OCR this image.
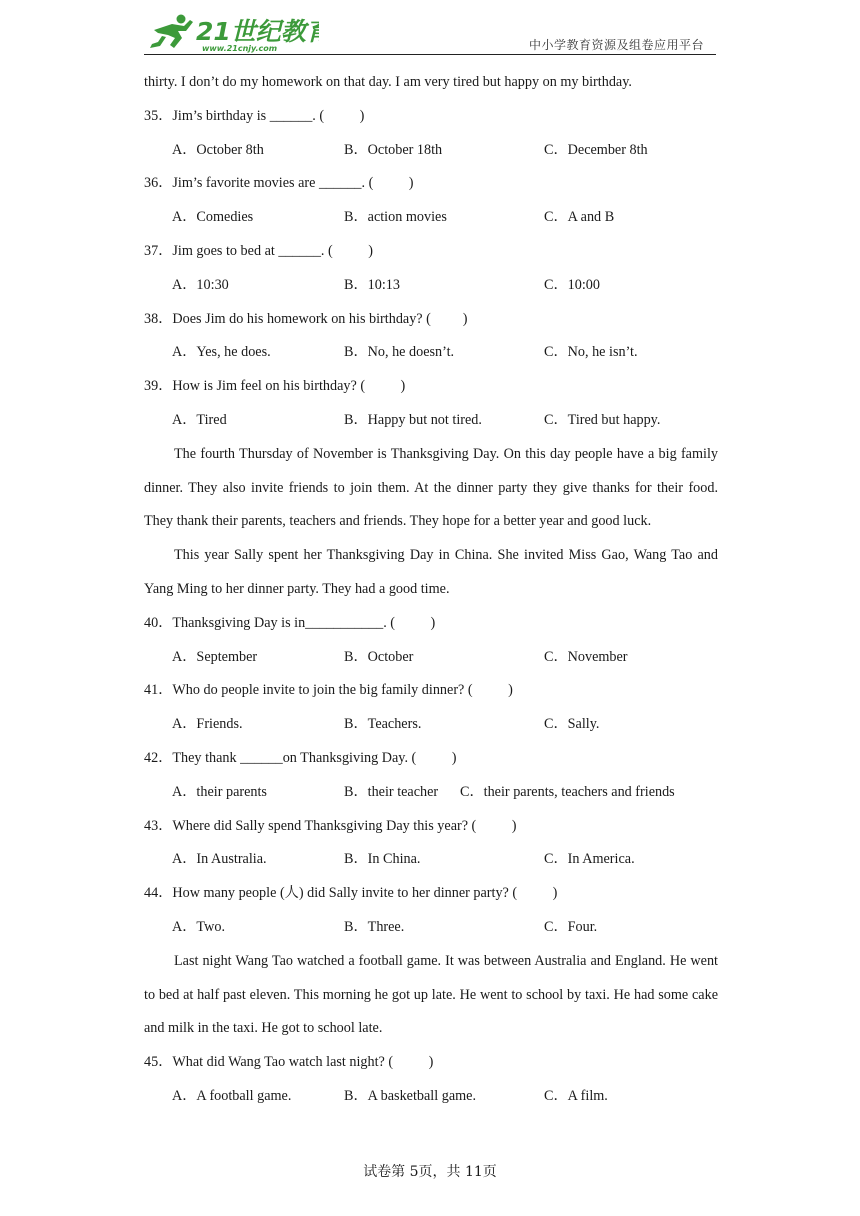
21世纪教育
www.21cnjy.com	中小学教育资源及组卷应用平台
thirty. I don’t do my homework on that day. I am very tired but happy on my birthday.
35．Jim’s birthday is ______. (          )
A．October 8th	B．October 18th	C．December 8th
36．Jim’s favorite movies are ______. (          )
A．Comedies	B．action movies	C．A and B
37．Jim goes to bed at ______. (          )
A．10:30	B．10:13	C．10:00
38．Does Jim do his homework on his birthday? (         )
A．Yes, he does.	B．No, he doesn’t.	C．No, he isn’t.
39．How is Jim feel on his birthday? (          )
A．Tired	B．Happy but not tired.	C．Tired but happy.

The fourth Thursday of November is Thanksgiving Day. On this day people have a big family dinner. They also invite friends to join them. At the dinner party they give thanks for their food. They thank their parents, teachers and friends. They hope for a better year and good luck.

This year Sally spent her Thanksgiving Day in China. She invited Miss Gao, Wang Tao and Yang Ming to her dinner party. They had a good time.

40．Thanksgiving Day is in___________. (          )
A．September	B．October	C．November
41．Who do people invite to join the big family dinner? (          )
A．Friends.	B．Teachers.	C．Sally.
42．They thank ______on Thanksgiving Day. (          )
A．their parents	B．their teacher C．their parents, teachers and friends
43．Where did Sally spend Thanksgiving Day this year? (          )
A．In Australia.	B．In China.	C．In America.
44．How many people (人) did Sally invite to her dinner party? (          )
A．Two.	B．Three.	C．Four.

Last night Wang Tao watched a football game. It was between Australia and England. He went to bed at half past eleven. This morning he got up late. He went to school by taxi. He had some cake and milk in the taxi. He got to school late.

45．What did Wang Tao watch last night? (          )
A．A football game.	B．A basketball game.	C．A film.
试卷第 5页，共 11页
